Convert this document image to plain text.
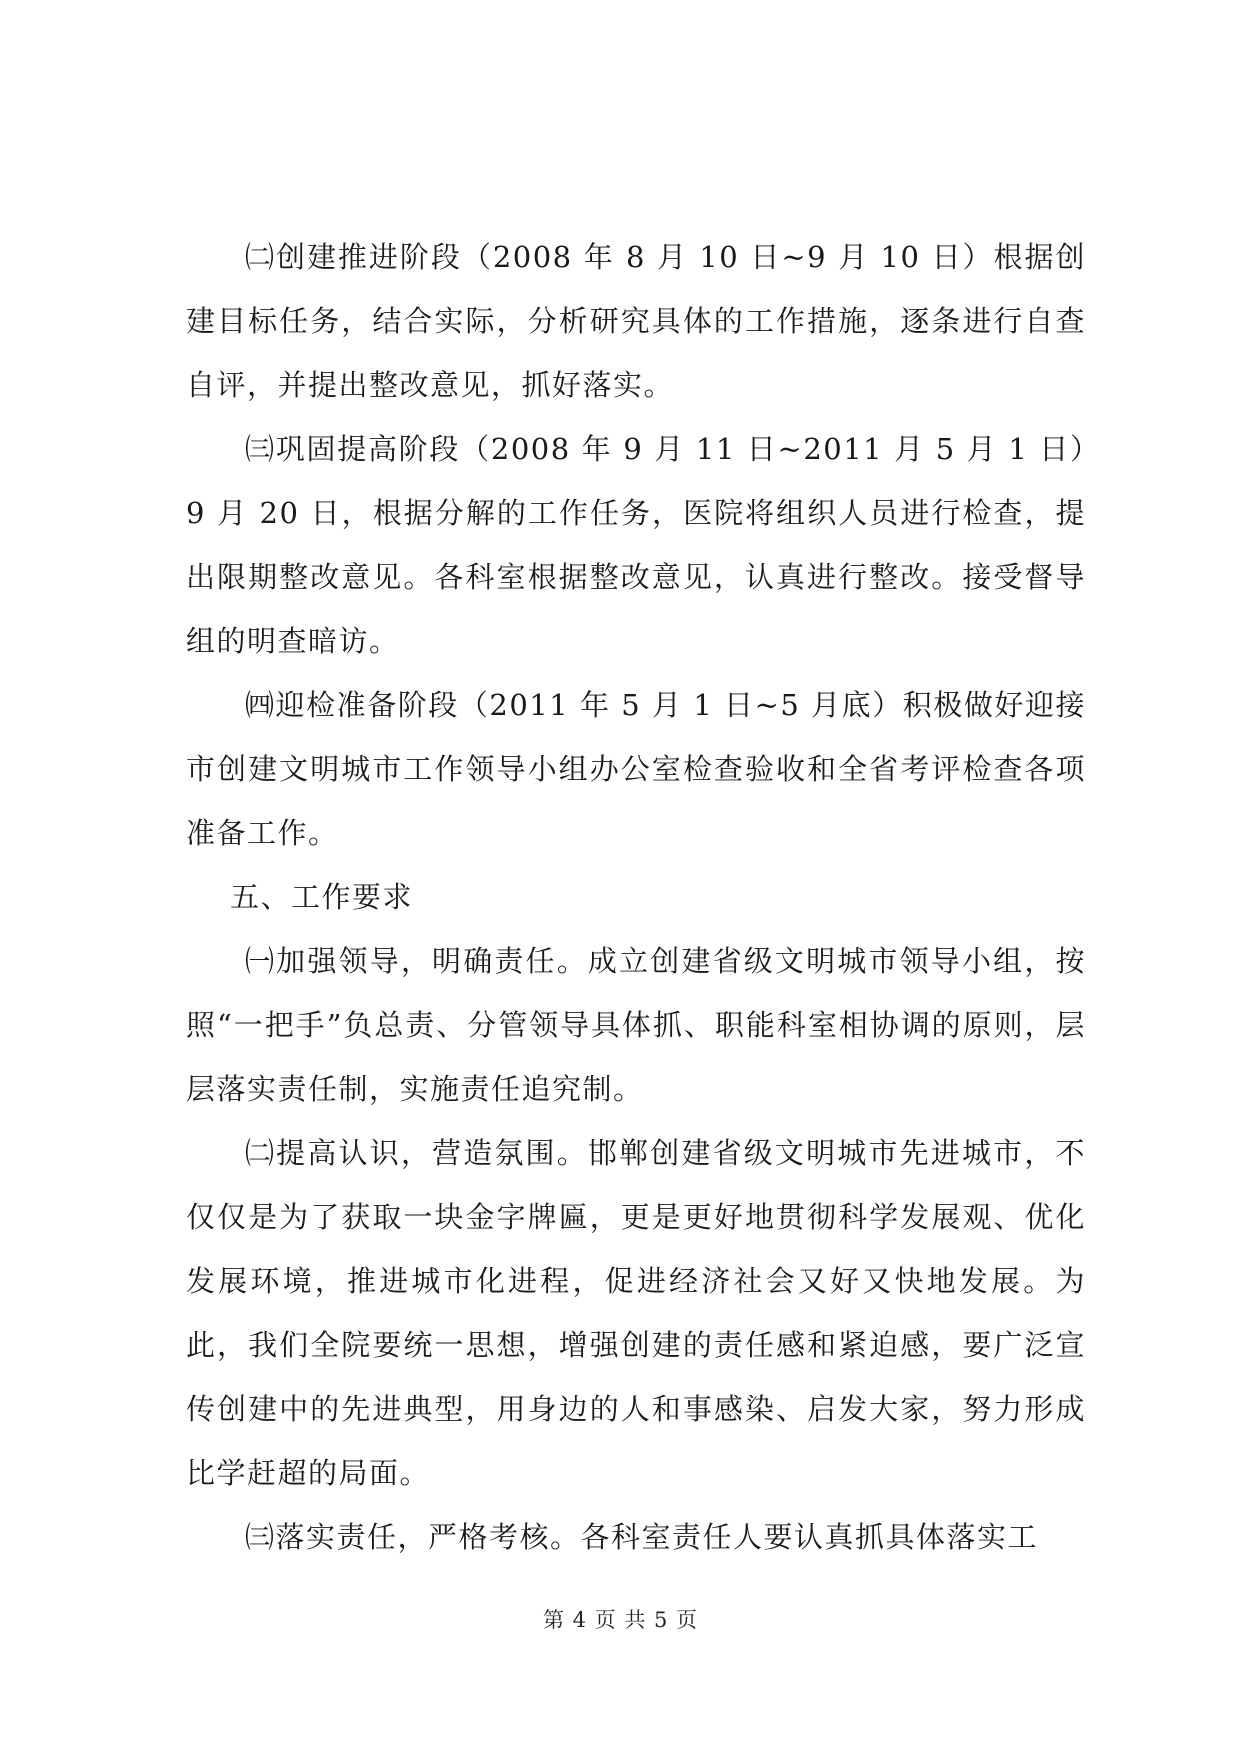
㈡创建推进阶段（2008 年 8 月 10 日~9 月 10 日）根据创建目标任务，结合实际，分析研究具体的工作措施，逐条进行自查自评，并提出整改意见，抓好落实。

㈢巩固提高阶段（2008 年 9 月 11 日~2011 月 5 月 1 日）9 月 20 日，根据分解的工作任务，医院将组织人员进行检查，提出限期整改意见。各科室根据整改意见，认真进行整改。接受督导组的明查暗访。

㈣迎检准备阶段（2011 年 5 月 1 日~5 月底）积极做好迎接市创建文明城市工作领导小组办公室检查验收和全省考评检查各项准备工作。

五、工作要求

㈠加强领导，明确责任。成立创建省级文明城市领导小组，按照“一把手”负总责、分管领导具体抓、职能科室相协调的原则，层层落实责任制，实施责任追究制。

㈡提高认识，营造氛围。邯郸创建省级文明城市先进城市，不仅仅是为了获取一块金字牌匾，更是更好地贯彻科学发展观、优化发展环境，推进城市化进程，促进经济社会又好又快地发展。为此，我们全院要统一思想，增强创建的责任感和紧迫感，要广泛宣传创建中的先进典型，用身边的人和事感染、启发大家，努力形成比学赶超的局面。

㈢落实责任，严格考核。各科室责任人要认真抓具体落实工

第 4 页 共 5 页
